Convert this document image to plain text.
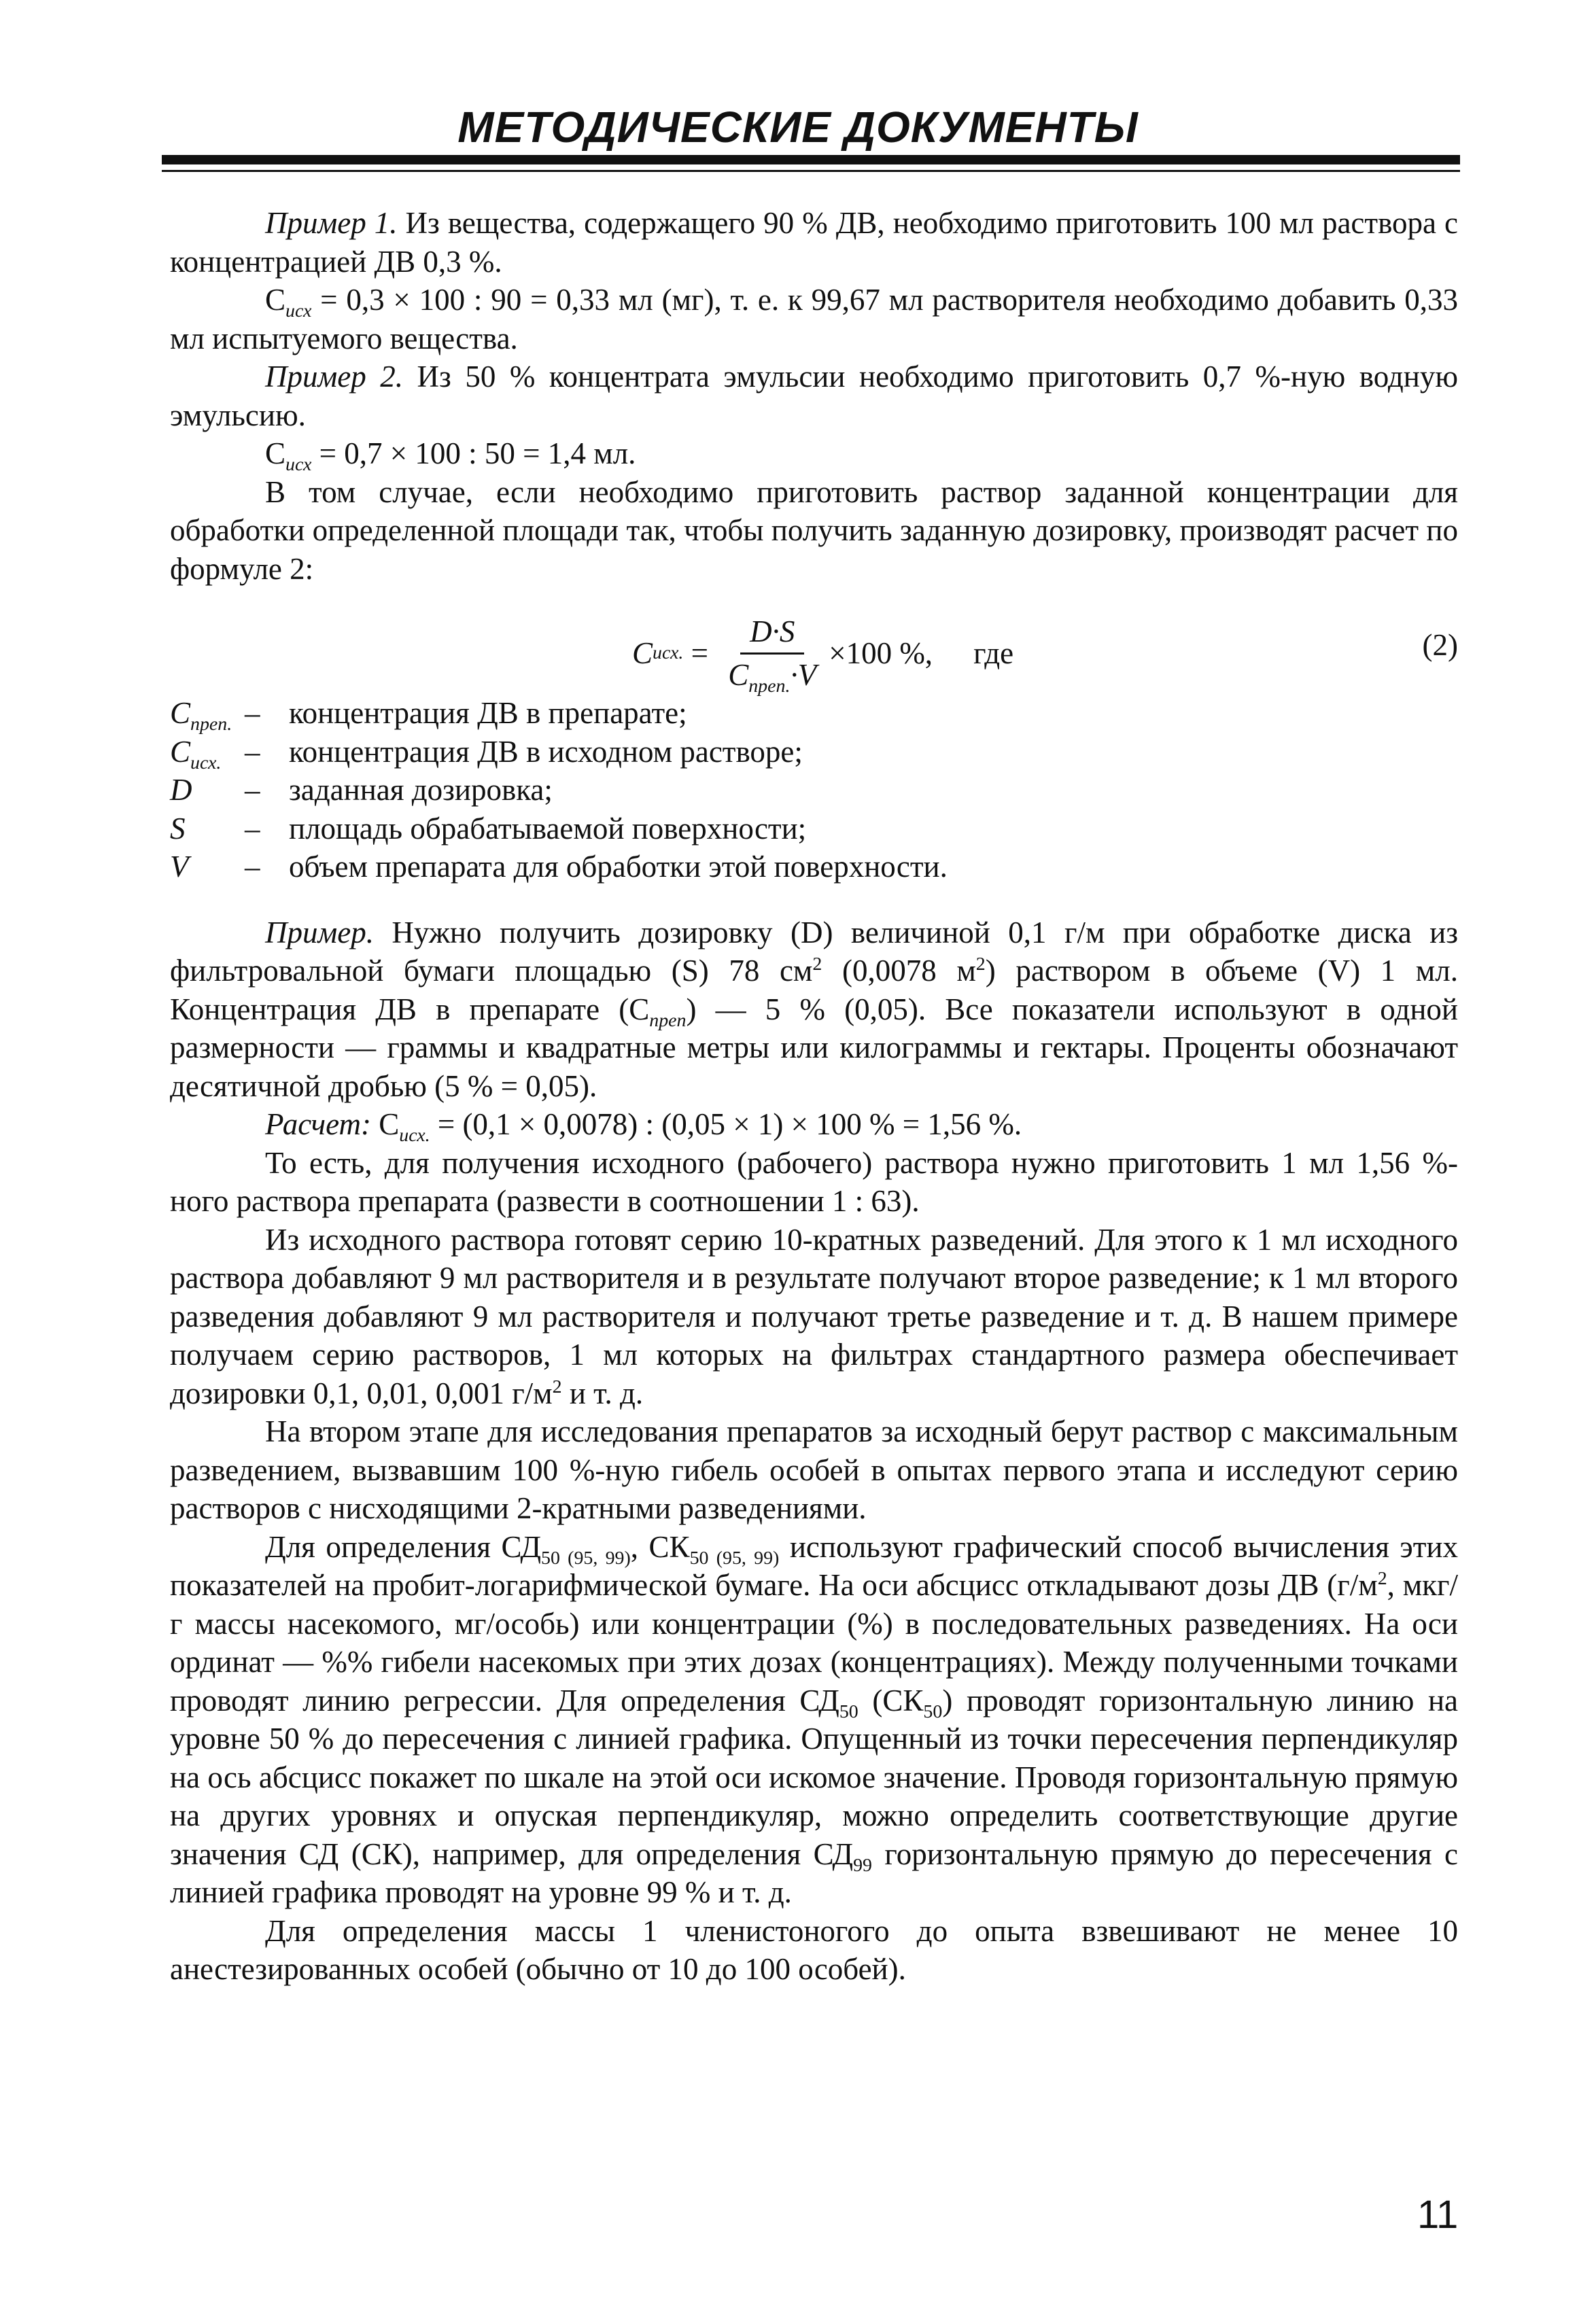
МЕТОДИЧЕСКИЕ ДОКУМЕНТЫ

Пример 1. Из вещества, содержащего 90 % ДВ, необходимо приготовить 100 мл раствора с концентрацией ДВ 0,3 %.

$С_{исх} = 0,3 \times 100$ : 90 = 0,33 мл (мг), т. е. к 99,67 мл растворителя необходимо добавить 0,33 мл испытуемого вещества.

Пример 2. Из 50 % концентрата эмульсии необходимо приготовить 0,7 %-ную водную эмульсию.

$С_{исх} = 0,7 \times 100$ : 50 = 1,4 мл.

В том случае, если необходимо приготовить раствор заданной концентрации для обработки определенной площади так, чтобы получить заданную дозировку, производят расчет по формуле 2:

C исх. = $\frac{D\cdot S}{C_{прeп.}\cdot V} \times 100$ %, где	(2)
$C_{прeп.}$ – концентрация ДВ в препарате;
$C_{исх.}$ – концентрация ДВ в исходном растворе;
D	– заданная дозировка;
S	– площадь обрабатываемой поверхности;
V	– объем препарата для обработки этой поверхности.

Пример. Нужно получить дозировку (D) величиной 0,1 г/м при обработке диска из фильтровальной бумаги площадью (S) 78 $см^2$ (0,0078 $м^2$) раствором в объеме (V) 1 мл. Концентрация ДВ в препарате $(С_{прeп})$ — 5 % (0,05). Все показатели используют в одной размерности — граммы и квадратные метры или килограммы и гектары. Проценты обозначают десятичной дробью (5 % = 0,05).

Расчет: $С_{исх.} = (0,1 \times 0,0078)$ : (0,05 × 1) × 100 % = 1,56 %.

То есть, для получения исходного (рабочего) раствора нужно приготовить 1 мл 1,56 %-ного раствора препарата (развести в соотношении 1 : 63).

Из исходного раствора готовят серию 10-кратных разведений. Для этого к 1 мл исходного раствора добавляют 9 мл растворителя и в результате получают второе разведение; к 1 мл второго разведения добавляют 9 мл растворителя и получают третье разведение и т. д. В нашем примере получаем серию растворов, 1 мл которых на фильтрах стандартного размера обеспечивает дозировки 0,1, 0,01, 0,001 $г/м^2$ и т. д.

На втором этапе для исследования препаратов за исходный берут раствор с максимальным разведением, вызвавшим 100 %-ную гибель особей в опытах первого этапа и исследуют серию растворов с нисходящими 2-кратными разведениями.

Для определения $СД_{50 (95, 99)}$, $СК_{50 (95, 99)}$ используют графический способ вычисления этих показателей на пробит-логарифмической бумаге. На оси абсцисс откладывают дозы ДВ ($г/м^2$, мкг/г массы насекомого, мг/особь) или концентрации (%) в последовательных разведениях. На оси ординат — %% гибели насекомых при этих дозах (концентрациях). Между полученными точками проводят линию регрессии. Для определения $СД_{50}$ $(СК_{50})$ проводят горизонтальную линию на уровне 50 % до пересечения с линией графика. Опущенный из точки пересечения перпендикуляр на ось абсцисс покажет по шкале на этой оси искомое значение. Проводя горизонтальную прямую на других уровнях и опуская перпендикуляр, можно определить соответствующие другие значения СД (СК), например, для определения $СД_{99}$ горизонтальную прямую до пересечения с линией графика проводят на уровне 99 % и т. д.

Для определения массы 1 членистоногого до опыта взвешивают не менее 10 анестезированных особей (обычно от 10 до 100 особей).

11
